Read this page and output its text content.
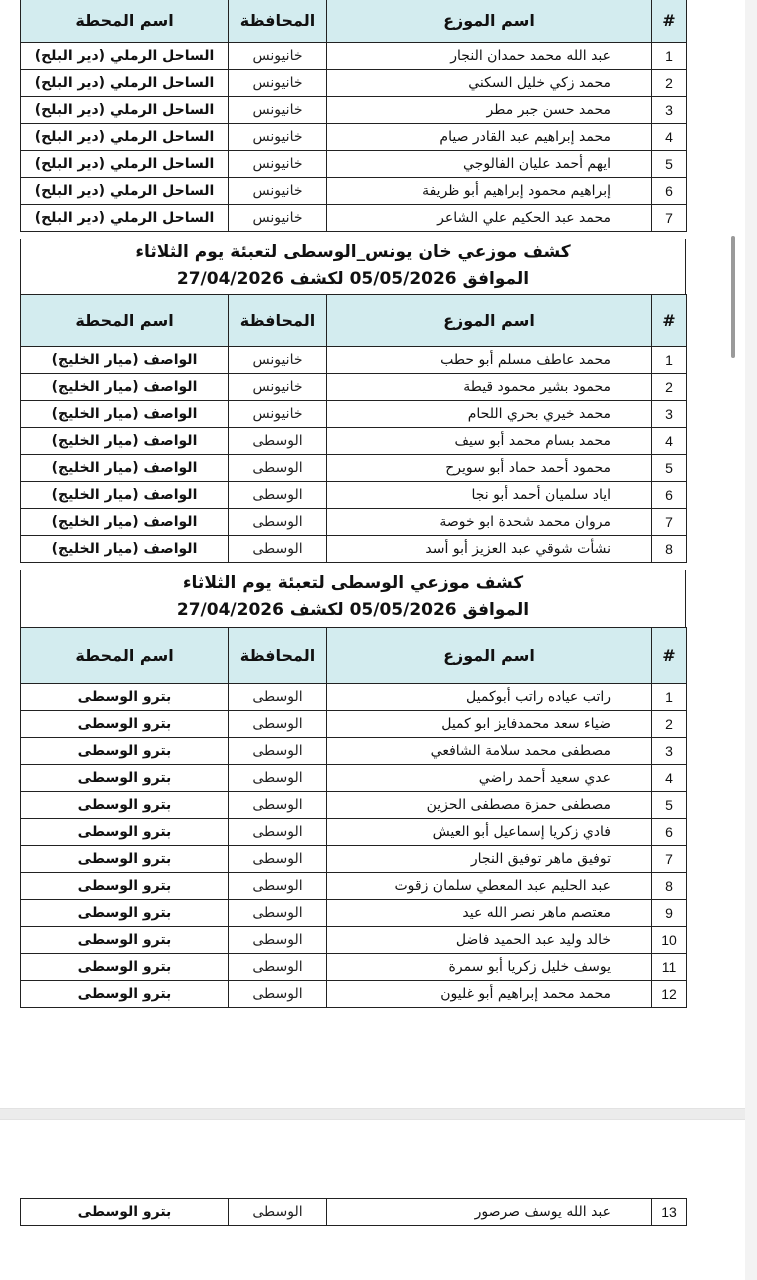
#	اسم الموزع	المحافظة	اسم المحطة
1	عبد الله محمد حمدان النجار	خانيونس	الساحل الرملي (دير البلح)
2	محمد زكي خليل السكني	خانيونس	الساحل الرملي (دير البلح)
3	محمد حسن جبر مطر	خانيونس	الساحل الرملي (دير البلح)
4	محمد إبراهيم عبد القادر صيام	خانيونس	الساحل الرملي (دير البلح)
5	ايهم أحمد عليان الفالوجي	خانيونس	الساحل الرملي (دير البلح)
6	إبراهيم محمود إبراهيم أبو ظريفة	خانيونس	الساحل الرملي (دير البلح)
7	محمد عبد الحكيم علي الشاعر	خانيونس	الساحل الرملي (دير البلح)
كشف موزعي خان يونس_الوسطى لتعبئة يوم الثلاثاء
الموافق 05/05/2026 لكشف 27/04/2026
#	اسم الموزع	المحافظة	اسم المحطة
1	محمد عاطف مسلم أبو حطب	خانيونس	الواصف (ميار الخليج)
2	محمود بشير محمود قيطة	خانيونس	الواصف (ميار الخليج)
3	محمد خيري بحري اللحام	خانيونس	الواصف (ميار الخليج)
4	محمد بسام محمد أبو سيف	الوسطى	الواصف (ميار الخليج)
5	محمود أحمد حماد أبو سويرح	الوسطى	الواصف (ميار الخليج)
6	اياد سلميان أحمد أبو نجا	الوسطى	الواصف (ميار الخليج)
7	مروان محمد شحدة ابو خوصة	الوسطى	الواصف (ميار الخليج)
8	نشأت شوقي عبد العزيز أبو أسد	الوسطى	الواصف (ميار الخليج)
كشف موزعي الوسطى لتعبئة يوم الثلاثاء
الموافق 05/05/2026 لكشف 27/04/2026
#	اسم الموزع	المحافظة	اسم المحطة
1	راتب عياده راتب أبوكميل	الوسطى	بترو الوسطى
2	ضياء سعد محمدفايز ابو كميل	الوسطى	بترو الوسطى
3	مصطفى محمد سلامة الشافعي	الوسطى	بترو الوسطى
4	عدي سعيد أحمد راضي	الوسطى	بترو الوسطى
5	مصطفى حمزة مصطفى الحزين	الوسطى	بترو الوسطى
6	فادي زكريا إسماعيل أبو العيش	الوسطى	بترو الوسطى
7	توفيق ماهر توفيق النجار	الوسطى	بترو الوسطى
8	عبد الحليم عبد المعطي سلمان زقوت	الوسطى	بترو الوسطى
9	معتصم ماهر نصر الله عيد	الوسطى	بترو الوسطى
10	خالد وليد عبد الحميد فاضل	الوسطى	بترو الوسطى
11	يوسف خليل زكريا أبو سمرة	الوسطى	بترو الوسطى
12	محمد محمد إبراهيم أبو غليون	الوسطى	بترو الوسطى
13	عبد الله يوسف صرصور	الوسطى	بترو الوسطى
